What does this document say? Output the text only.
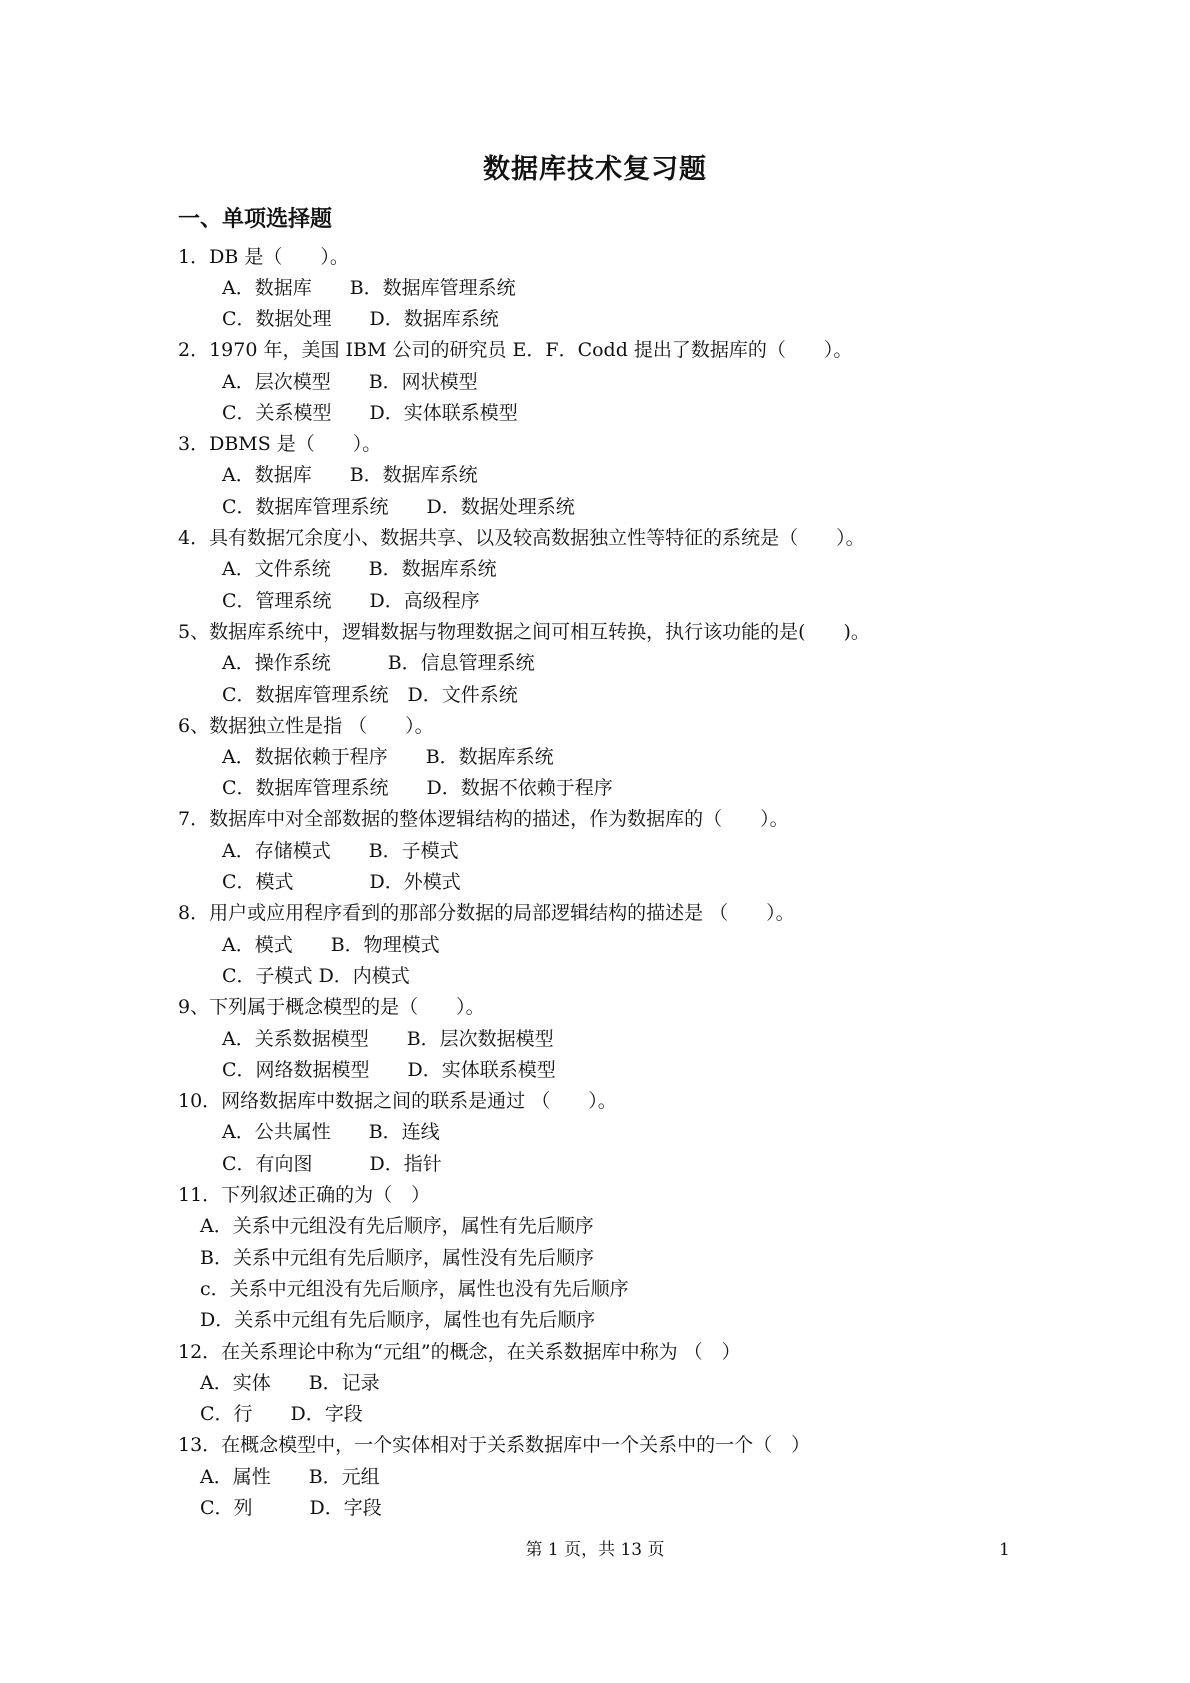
数据库技术复习题
一、单项选择题
1．DB 是（　　）。
A．数据库　　B．数据库管理系统
C．数据处理　　D．数据库系统
2．1970 年，美国 IBM 公司的研究员 E．F．Codd 提出了数据库的（　　）。
A．层次模型　　B．网状模型
C．关系模型　　D．实体联系模型
3．DBMS 是（　　）。
A．数据库　　B．数据库系统
C．数据库管理系统　　D．数据处理系统
4．具有数据冗余度小、数据共享、以及较高数据独立性等特征的系统是（　　）。
A．文件系统　　B．数据库系统
C．管理系统　　D．高级程序
5、数据库系统中，逻辑数据与物理数据之间可相互转换，执行该功能的是(　　)。
A．操作系统　　　B．信息管理系统
C．数据库管理系统　D．文件系统
6、数据独立性是指 （　　）。
A．数据依赖于程序　　B．数据库系统
C．数据库管理系统　　D．数据不依赖于程序
7．数据库中对全部数据的整体逻辑结构的描述，作为数据库的（　　）。
A．存储模式　　B．子模式
C．模式　　　　D．外模式
8．用户或应用程序看到的那部分数据的局部逻辑结构的描述是 （　　）。
A．模式　　B．物理模式
C．子模式 D．内模式
9、下列属于概念模型的是（　　）。
A．关系数据模型　　B．层次数据模型
C．网络数据模型　　D．实体联系模型
10．网络数据库中数据之间的联系是通过 （　　）。
A．公共属性　　B．连线
C．有向图　　　D．指针
11．下列叙述正确的为（　）
A．关系中元组没有先后顺序，属性有先后顺序
B．关系中元组有先后顺序，属性没有先后顺序
c．关系中元组没有先后顺序，属性也没有先后顺序
D．关系中元组有先后顺序，属性也有先后顺序
12．在关系理论中称为“元组”的概念，在关系数据库中称为 （　）
A．实体　　B．记录
C．行　　D．字段
13．在概念模型中，一个实体相对于关系数据库中一个关系中的一个（　）
A．属性　　B．元组
C．列　　　D．字段
第 1 页，共 13 页	1
